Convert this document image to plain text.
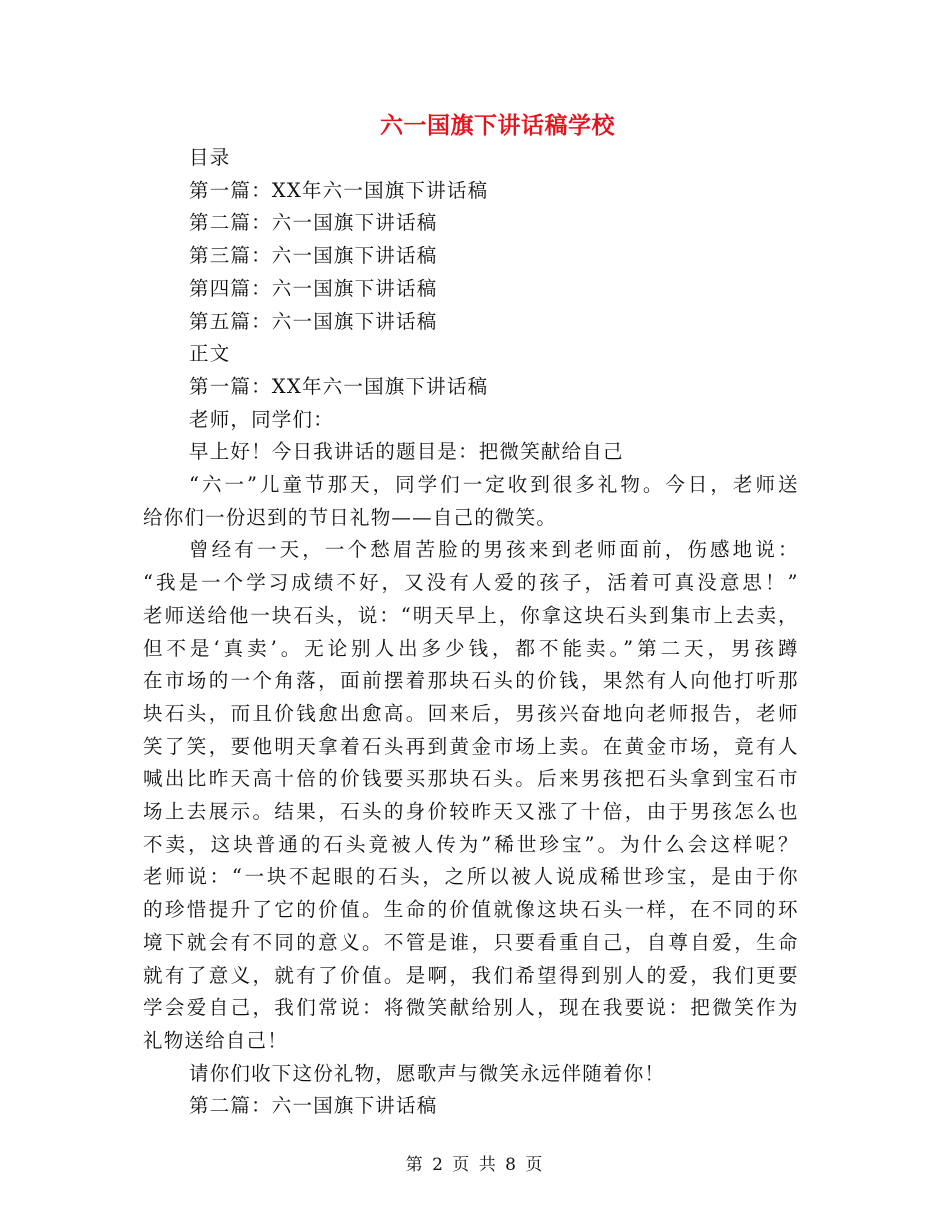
六一国旗下讲话稿学校
目录
第一篇：XX年六一国旗下讲话稿
第二篇：六一国旗下讲话稿
第三篇：六一国旗下讲话稿
第四篇：六一国旗下讲话稿
第五篇：六一国旗下讲话稿
正文
第一篇：XX年六一国旗下讲话稿
老师，同学们：
早上好！今日我讲话的题目是：把微笑献给自己
“六一”儿童节那天，同学们一定收到很多礼物。今日，老师送
给你们一份迟到的节日礼物——自己的微笑。
曾经有一天，一个愁眉苦脸的男孩来到老师面前，伤感地说：
“我是一个学习成绩不好，又没有人爱的孩子，活着可真没意思！”
老师送给他一块石头，说：“明天早上，你拿这块石头到集市上去卖，
但不是‘真卖’。无论别人出多少钱，都不能卖。”第二天，男孩蹲
在市场的一个角落，面前摆着那块石头的价钱，果然有人向他打听那
块石头，而且价钱愈出愈高。回来后，男孩兴奋地向老师报告，老师
笑了笑，要他明天拿着石头再到黄金市场上卖。在黄金市场，竟有人
喊出比昨天高十倍的价钱要买那块石头。后来男孩把石头拿到宝石市
场上去展示。结果，石头的身价较昨天又涨了十倍，由于男孩怎么也
不卖，这块普通的石头竟被人传为”稀世珍宝”。为什么会这样呢？
老师说：“一块不起眼的石头，之所以被人说成稀世珍宝，是由于你
的珍惜提升了它的价值。生命的价值就像这块石头一样，在不同的环
境下就会有不同的意义。不管是谁，只要看重自己，自尊自爱，生命
就有了意义，就有了价值。是啊，我们希望得到别人的爱，我们更要
学会爱自己，我们常说：将微笑献给别人，现在我要说：把微笑作为
礼物送给自己！
请你们收下这份礼物，愿歌声与微笑永远伴随着你！
第二篇：六一国旗下讲话稿
第 2 页 共 8 页
